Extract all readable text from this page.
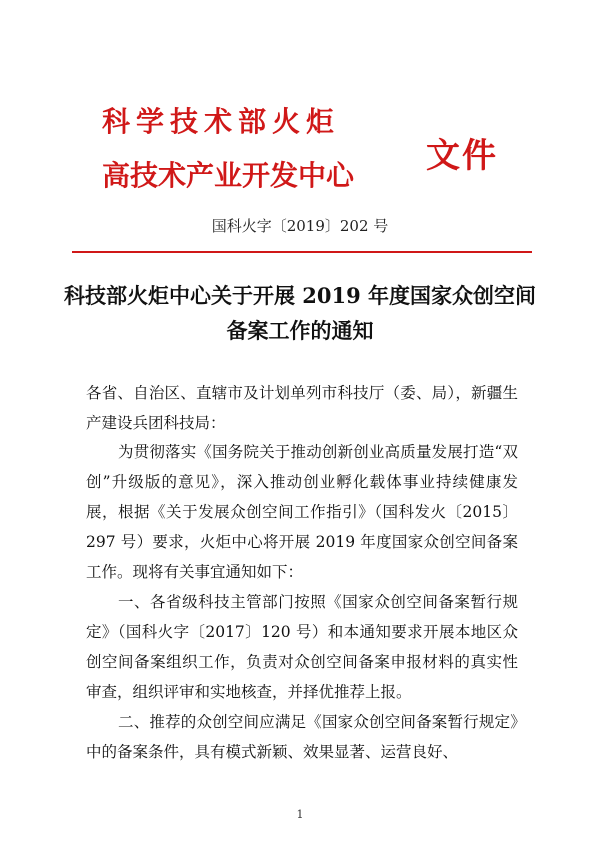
科学技术部火炬
高技术产业开发中心 文件
国科火字〔2019〕202 号
科技部火炬中心关于开展 2019 年度国家众创空间备案工作的通知

各省、自治区、直辖市及计划单列市科技厅（委、局），新疆生产建设兵团科技局：

为贯彻落实《国务院关于推动创新创业高质量发展打造“双创”升级版的意见》，深入推动创业孵化载体事业持续健康发展，根据《关于发展众创空间工作指引》（国科发火〔2015〕297 号）要求，火炬中心将开展 2019 年度国家众创空间备案工作。现将有关事宜通知如下：

一、各省级科技主管部门按照《国家众创空间备案暂行规定》（国科火字〔2017〕120 号）和本通知要求开展本地区众创空间备案组织工作，负责对众创空间备案申报材料的真实性审查，组织评审和实地核查，并择优推荐上报。

二、推荐的众创空间应满足《国家众创空间备案暂行规定》中的备案条件，具有模式新颖、效果显著、运营良好、

1
